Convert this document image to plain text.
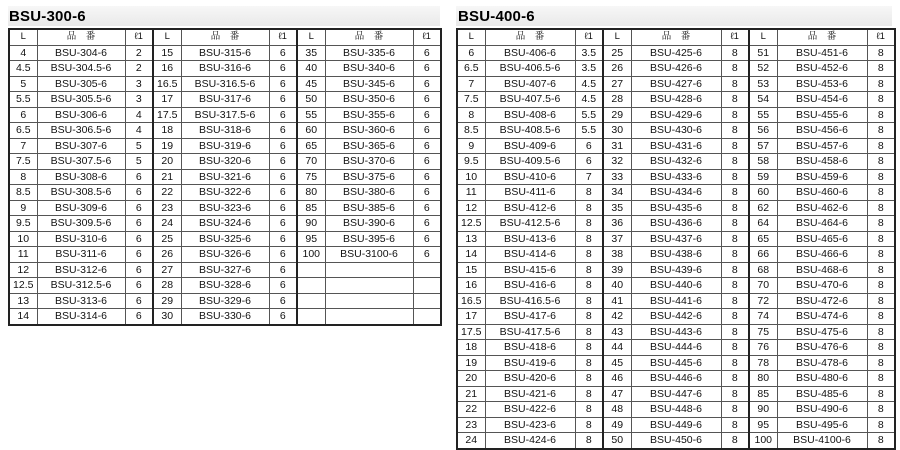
BSU-300-6	BSU-400-6
L	品　番	ℓ1	L	品　番	ℓ1	L	品　番	ℓ1
4	BSU-304-6	2	15	BSU-315-6	6	35	BSU-335-6	6
4.5	BSU-304.5-6	2	16	BSU-316-6	6	40	BSU-340-6	6
5	BSU-305-6	3	16.5	BSU-316.5-6	6	45	BSU-345-6	6
5.5	BSU-305.5-6	3	17	BSU-317-6	6	50	BSU-350-6	6
6	BSU-306-6	4	17.5	BSU-317.5-6	6	55	BSU-355-6	6
6.5	BSU-306.5-6	4	18	BSU-318-6	6	60	BSU-360-6	6
7	BSU-307-6	5	19	BSU-319-6	6	65	BSU-365-6	6
7.5	BSU-307.5-6	5	20	BSU-320-6	6	70	BSU-370-6	6
8	BSU-308-6	6	21	BSU-321-6	6	75	BSU-375-6	6
8.5	BSU-308.5-6	6	22	BSU-322-6	6	80	BSU-380-6	6
9	BSU-309-6	6	23	BSU-323-6	6	85	BSU-385-6	6
9.5	BSU-309.5-6	6	24	BSU-324-6	6	90	BSU-390-6	6
10	BSU-310-6	6	25	BSU-325-6	6	95	BSU-395-6	6
11	BSU-311-6	6	26	BSU-326-6	6	100	BSU-3100-6	6
12	BSU-312-6	6	27	BSU-327-6	6			
12.5	BSU-312.5-6	6	28	BSU-328-6	6			
13	BSU-313-6	6	29	BSU-329-6	6			
14	BSU-314-6	6	30	BSU-330-6	6			
L	品　番	ℓ1	L	品　番	ℓ1	L	品　番	ℓ1
6	BSU-406-6	3.5	25	BSU-425-6	8	51	BSU-451-6	8
6.5	BSU-406.5-6	3.5	26	BSU-426-6	8	52	BSU-452-6	8
7	BSU-407-6	4.5	27	BSU-427-6	8	53	BSU-453-6	8
7.5	BSU-407.5-6	4.5	28	BSU-428-6	8	54	BSU-454-6	8
8	BSU-408-6	5.5	29	BSU-429-6	8	55	BSU-455-6	8
8.5	BSU-408.5-6	5.5	30	BSU-430-6	8	56	BSU-456-6	8
9	BSU-409-6	6	31	BSU-431-6	8	57	BSU-457-6	8
9.5	BSU-409.5-6	6	32	BSU-432-6	8	58	BSU-458-6	8
10	BSU-410-6	7	33	BSU-433-6	8	59	BSU-459-6	8
11	BSU-411-6	8	34	BSU-434-6	8	60	BSU-460-6	8
12	BSU-412-6	8	35	BSU-435-6	8	62	BSU-462-6	8
12.5	BSU-412.5-6	8	36	BSU-436-6	8	64	BSU-464-6	8
13	BSU-413-6	8	37	BSU-437-6	8	65	BSU-465-6	8
14	BSU-414-6	8	38	BSU-438-6	8	66	BSU-466-6	8
15	BSU-415-6	8	39	BSU-439-6	8	68	BSU-468-6	8
16	BSU-416-6	8	40	BSU-440-6	8	70	BSU-470-6	8
16.5	BSU-416.5-6	8	41	BSU-441-6	8	72	BSU-472-6	8
17	BSU-417-6	8	42	BSU-442-6	8	74	BSU-474-6	8
17.5	BSU-417.5-6	8	43	BSU-443-6	8	75	BSU-475-6	8
18	BSU-418-6	8	44	BSU-444-6	8	76	BSU-476-6	8
19	BSU-419-6	8	45	BSU-445-6	8	78	BSU-478-6	8
20	BSU-420-6	8	46	BSU-446-6	8	80	BSU-480-6	8
21	BSU-421-6	8	47	BSU-447-6	8	85	BSU-485-6	8
22	BSU-422-6	8	48	BSU-448-6	8	90	BSU-490-6	8
23	BSU-423-6	8	49	BSU-449-6	8	95	BSU-495-6	8
24	BSU-424-6	8	50	BSU-450-6	8	100	BSU-4100-6	8
